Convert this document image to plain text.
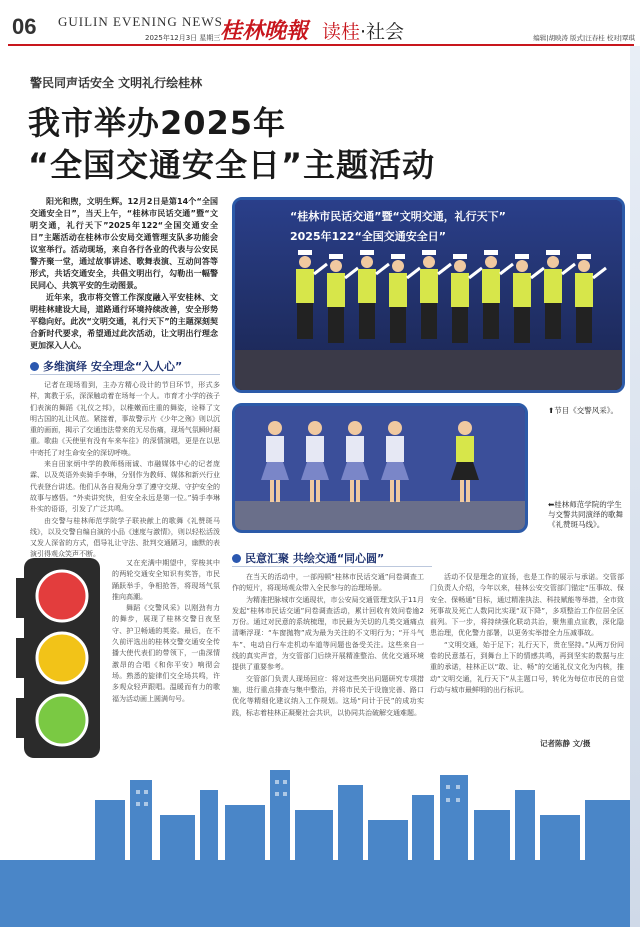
06 GUILIN EVENING NEWS
2025年12月3日 星期三 桂林晚報 读桂·社会	编辑|胡映涛 版式|汪春桂 校对|覃琪
警民同声话安全 文明礼行绘桂林
我市举办2025年
“全国交通安全日”主题活动

阳光和煦，文明生辉。12月2日是第14个“全国交通安全日”，当天上午，“桂林市民话交通”暨“文明交通，礼行天下”2025年122“全国交通安全日”主题活动在桂林市公安局交通管理支队多功能会议室举行。活动现场，来自各行各业的代表与公安民警齐聚一堂，通过故事讲述、歌舞表演、互动问答等形式，共话交通安全，共倡文明出行，勾勒出一幅警民同心、共筑平安的生动图景。

近年来，我市将交管工作深度融入平安桂林、文明桂林建设大局，道路通行环境持续改善，安全形势平稳向好。此次“文明交通，礼行天下”的主题深刻契合新时代要求，希望通过此次活动，让文明出行理念更加深入人心。

“桂林市民话交通”暨“文明交通，礼行天下”
2025年122“全国交通安全日”
⬆节目《交警风采》。
⬅桂林师范学院的学生与交警共同演绎的歌舞《礼赞斑马线》。
多维演绎 安全理念“入人心”

记者在现场看到，主办方精心设计的节目环节，形式多样，寓教于乐，深深触动着在场每一个人。市育才小学的孩子们表演的舞蹈《礼仪之邦》，以稚嫩而庄重的舞姿，诠释了文明古国的礼让风范。紧接着，事故警示片《少年之殇》则以沉重的画面，揭示了交通违法带来的无尽伤痛，现场气氛瞬时凝重。歌曲《天使里有没有车来车往》的深情演唱，更是在以思中寄托了对生命安全的深切呼唤。

来自田家炳中学的教师杨雨诚、市融媒体中心的记者庞霖、以及英语外卖骑手李琳，分别作为教师、媒体和新兴行业代表登台讲述。他们从各自视角分享了遵守交规、守护安全的故事与感悟。“外卖讲究快，但安全永远是第一位。”骑手李琳朴实的语语，引发了广泛共鸣。

由交警与桂林师范学院学子联袂献上的歌舞《礼赞斑马线》，以及交警自编自演的小品《速度与激情》，则以轻松活泼又发人深省的方式，倡导礼让守法、批判交通陋习，幽默的表演引得观众笑声不断。

又在充满中期望中，穿梭其中的两轮交通安全知识有奖答，市民踊跃举手，争相抢答，将现场气氛推向高潮。

舞蹈《交警风采》以刚劲有力的舞步，展现了桂林交警日夜坚守、护卫畅通的英姿。最后，在不久前评选出的桂林交警交通安全传播大使代表们的带领下，一曲深情激昂的合唱《和你平安》响彻会场。熟悉的旋律们交全场共鸣，许多观众轻声跟唱。温暖而有力的歌福为活动画上圆满句号。

民意汇聚 共绘交通“同心圆”

在当天的活动中，一部闯顿“桂林市民话交通”问卷调查工作的短片，将现场观众带入全民参与的治理场景。

为精准把脉城市交通现状，市公安局交通管理支队于11月发起“桂林市民话交通”问卷调查活动，累计回收有效问卷逾2万份。通过对民意的系统梳理，市民最为关切的几类交通痛点清晰浮现：“车窗抛物”成为最为关注的不文明行为；“开斗气车”、电动自行车走机动车道等问题也备受关注。这些来自一线的真实声音，为交管部门后续开展精准整治、优化交通环境提供了重要参考。

交管部门负责人现场回应：将对这些突出问题研究专项措施，进行重点排查与集中整治，并将市民关于设施完善、路口优化等精细化建议纳入工作规划。这场“问计于民”的成功实践，标志着桂林正凝聚社会共识，以协同共治破解交通难题。

活动不仅是理念的宣扬，也是工作的展示与承诺。交管部门负责人介绍，今年以来，桂林公安交管部门锚定“压事故、保安全、保畅通”目标，通过精准执法、科技赋能等举措，全市致死事故及死亡人数同比实现“双下降”，多项整治工作位居全区前列。下一步，将持续强化联动共治，聚焦重点宣教，深化隐患治理，优化警力部署，以更务实举措全力压减事故。

“文明交通，始于足下；礼行天下，贵在坚持。”从两万份问卷的民意基石，到舞台上下的情感共鸣，再到坚实的数据与庄重的承诺，桂林正以“敢、让、畅”的交通礼仪文化为内核，推动“文明交通，礼行天下”从主题口号，转化为每位市民的自觉行动与城市最鲜明的出行标识。

记者陈静 文/摄
